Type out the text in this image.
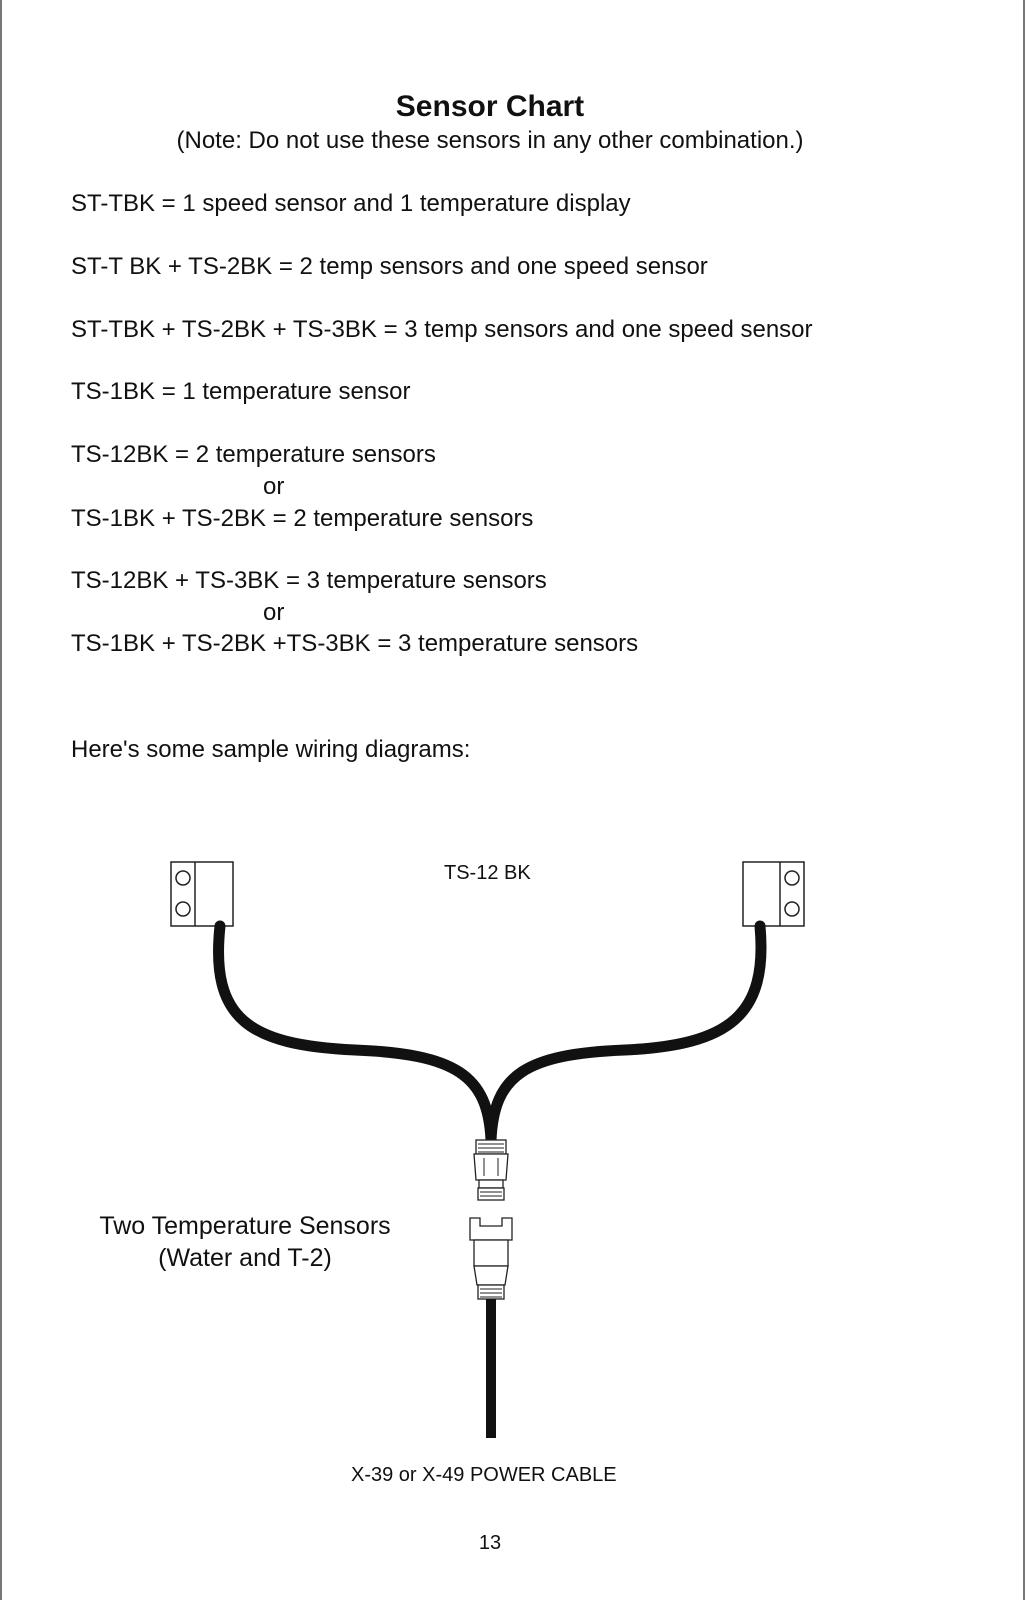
Sensor Chart
(Note: Do not use these sensors in any other combination.)
ST-TBK = 1 speed sensor and 1 temperature display
ST-T BK + TS-2BK = 2 temp sensors and one speed sensor
ST-TBK + TS-2BK + TS-3BK = 3 temp sensors and one speed sensor
TS-1BK = 1 temperature sensor
TS-12BK = 2 temperature sensors
or
TS-1BK + TS-2BK = 2 temperature sensors
TS-12BK + TS-3BK = 3 temperature sensors
or
TS-1BK + TS-2BK +TS-3BK = 3 temperature sensors
Here's some sample wiring diagrams:
TS-12 BK
Two Temperature Sensors
(Water and T-2)
X-39 or X-49 POWER CABLE
13
